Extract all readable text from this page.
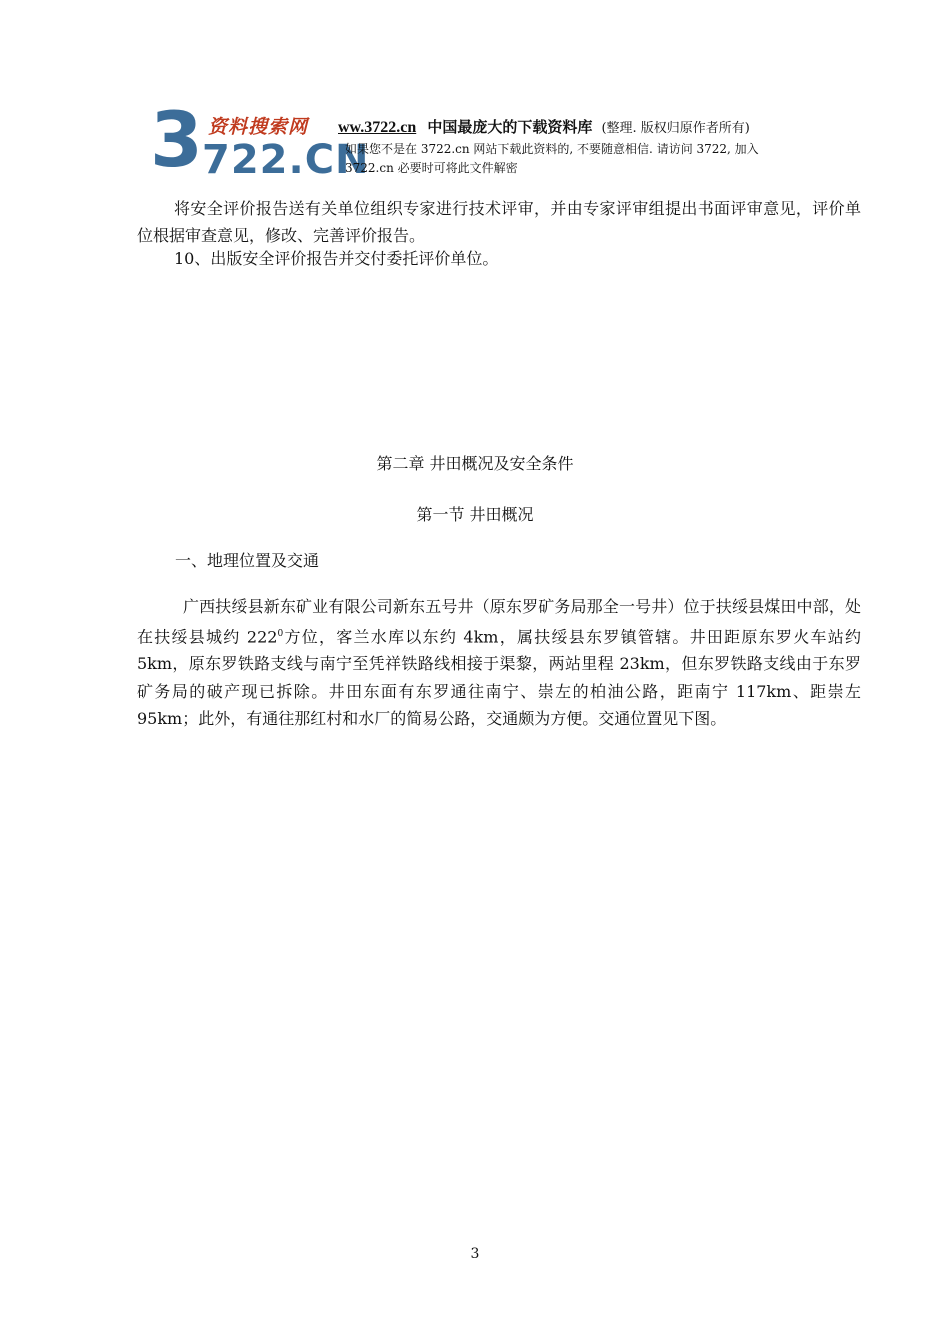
3 722.CN
资料搜索网 ww.3722.cn 中国最庞大的下载资料库 (整理. 版权归原作者所有)
如果您不是在 3722.cn 网站下载此资料的, 不要随意相信. 请访问 3722, 加入
3722.cn 必要时可将此文件解密
将安全评价报告送有关单位组织专家进行技术评审，并由专家评审组提出书面评审意见，评价单位根据审查意见，修改、完善评价报告。
10、出版安全评价报告并交付委托评价单位。
第二章 井田概况及安全条件
第一节 井田概况
一、地理位置及交通
广西扶绥县新东矿业有限公司新东五号井（原东罗矿务局那全一号井）位于扶绥县煤田中部，处在扶绥县城约 $222^0$方位，客兰水库以东约 4km，属扶绥县东罗镇管辖。井田距原东罗火车站约 5km，原东罗铁路支线与南宁至凭祥铁路线相接于渠黎，两站里程 23km，但东罗铁路支线由于东罗矿务局的破产现已拆除。井田东面有东罗通往南宁、崇左的柏油公路，距南宁 117km、距崇左 95km；此外，有通往那红村和水厂的简易公路，交通颇为方便。交通位置见下图。
3
